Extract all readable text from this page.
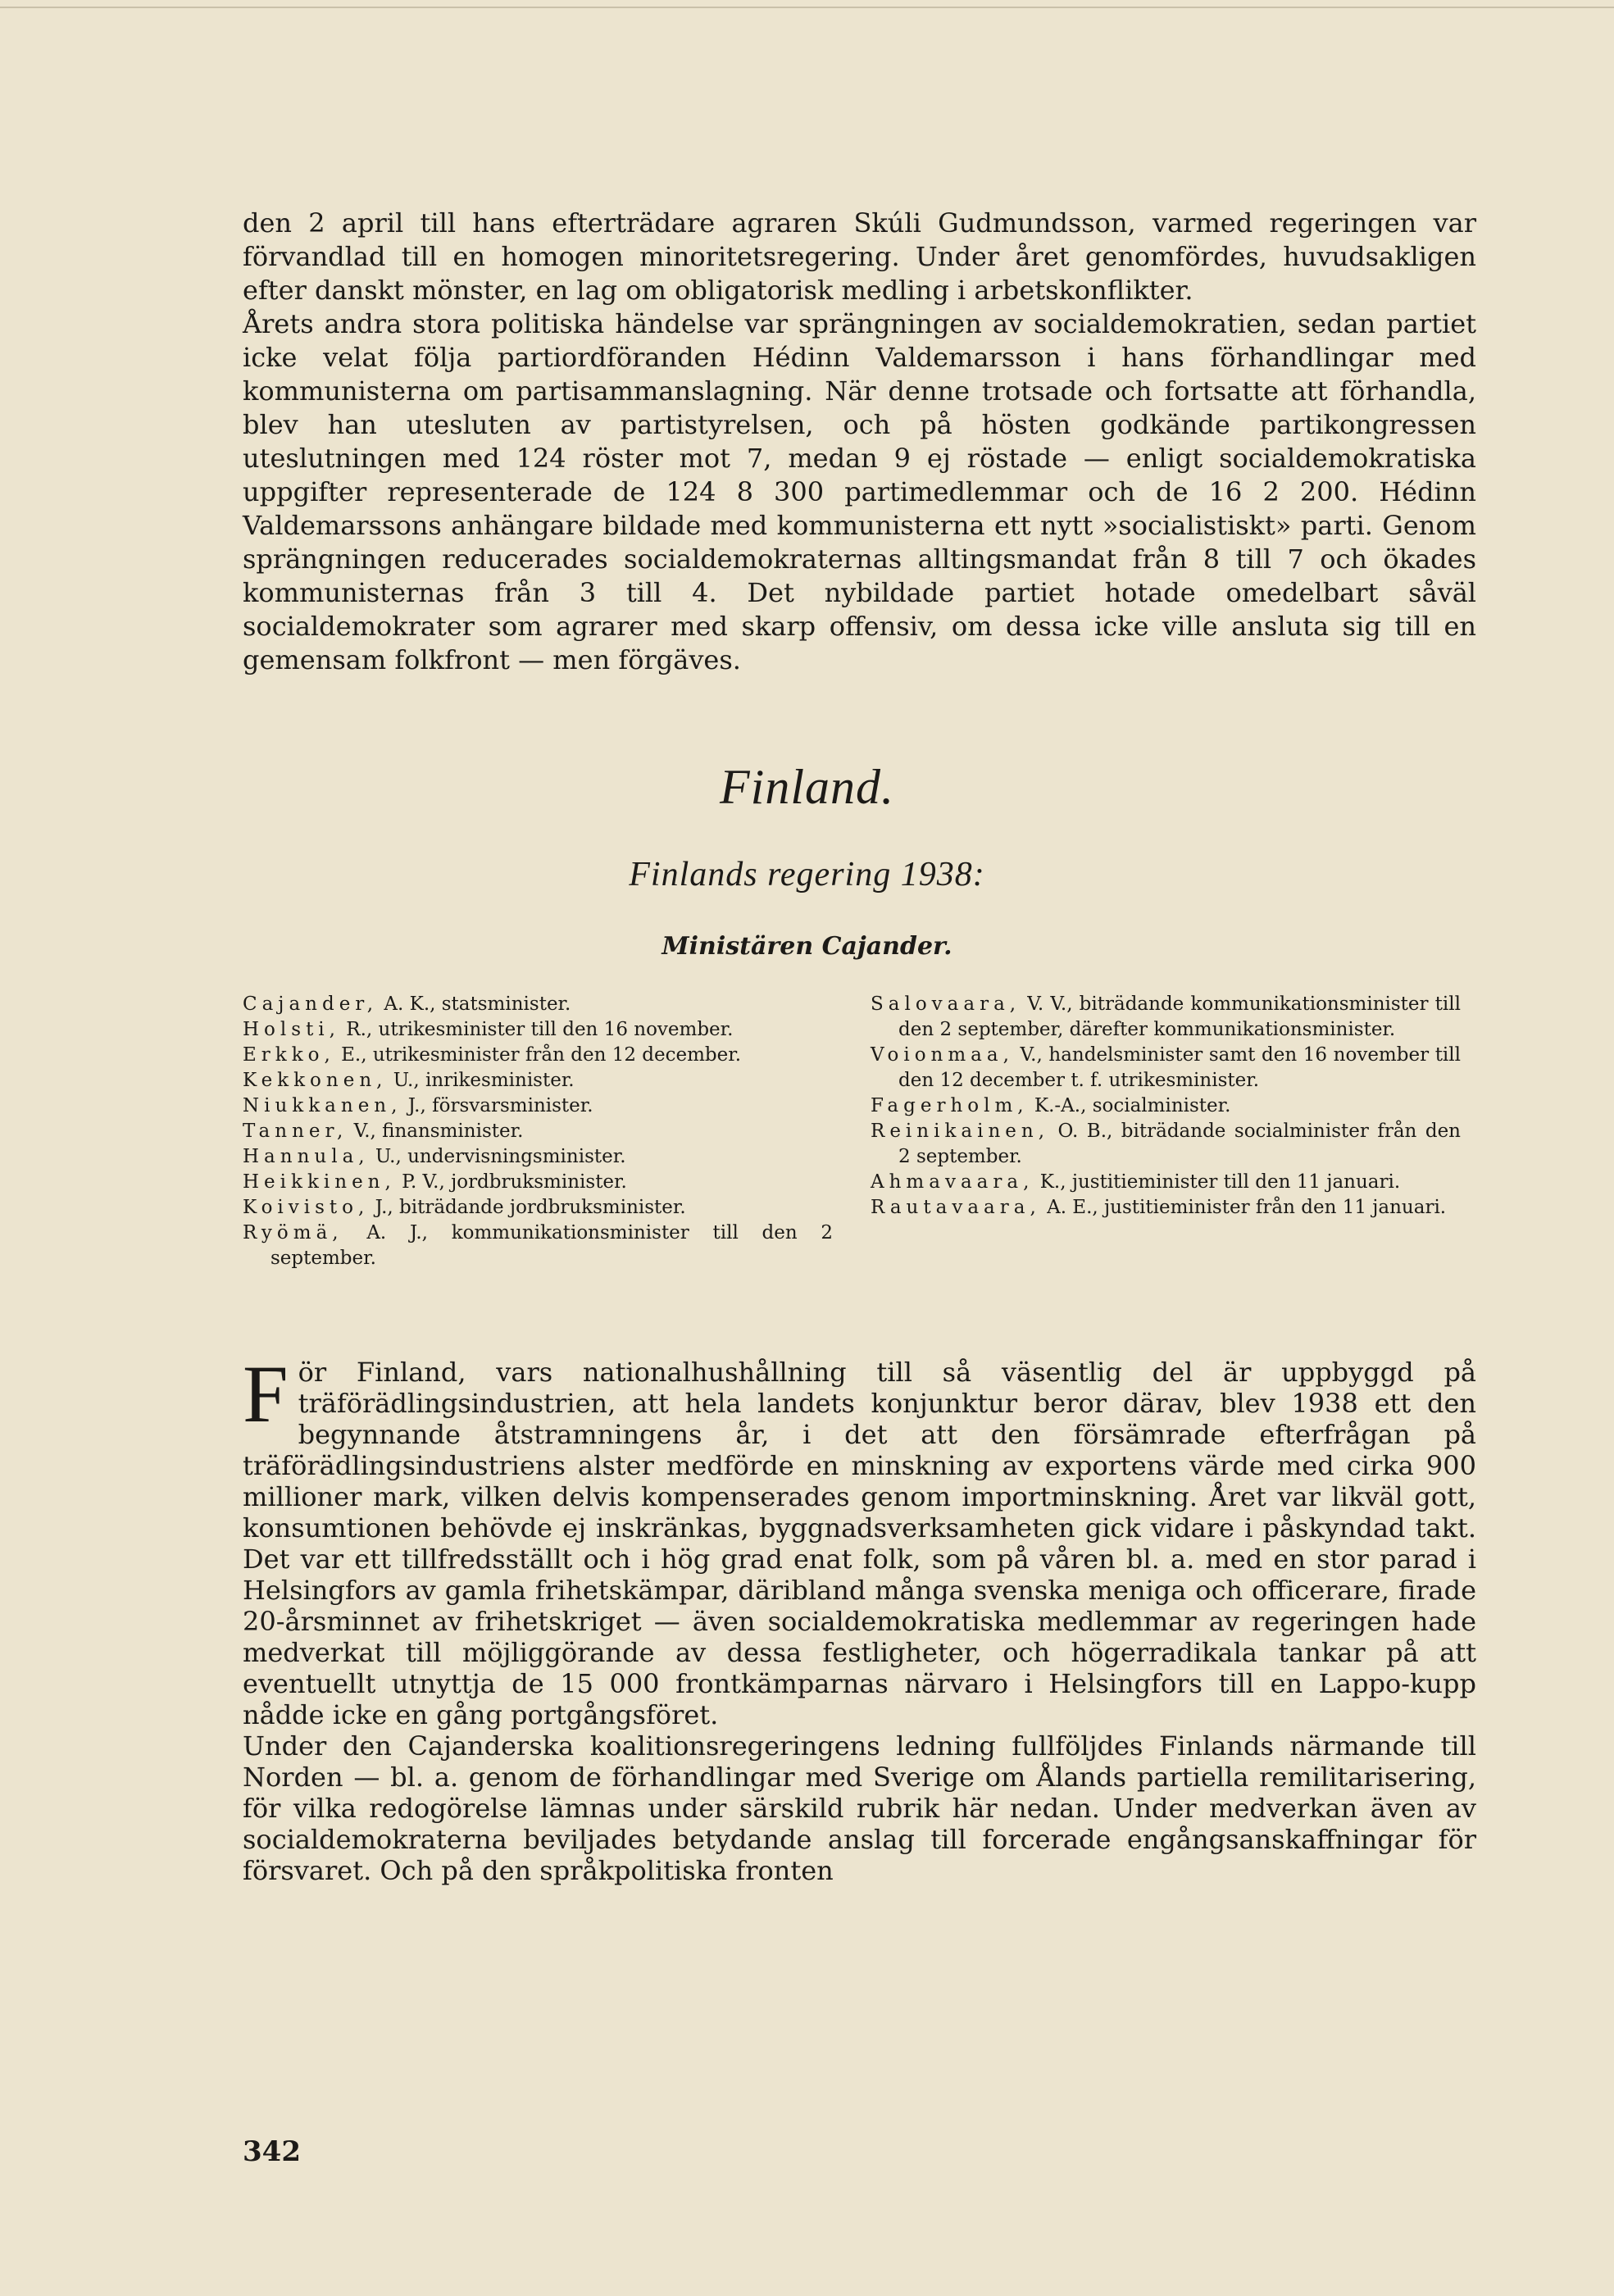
den 2 april till hans efterträdare agraren Skúli Gudmundsson, varmed regeringen var förvandlad till en homogen minoritetsregering. Under året genomfördes, huvudsakligen efter danskt mönster, en lag om obligatorisk medling i arbetskonflikter.

Årets andra stora politiska händelse var sprängningen av socialdemokratien, sedan partiet icke velat följa partiordföranden Hédinn Valdemarsson i hans förhandlingar med kommunisterna om partisammanslagning. När denne trotsade och fortsatte att förhandla, blev han utesluten av partistyrelsen, och på hösten godkände partikongressen uteslutningen med 124 röster mot 7, medan 9 ej röstade — enligt socialdemokratiska uppgifter representerade de 124 8 300 partimedlemmar och de 16 2 200. Hédinn Valdemarssons anhängare bildade med kommunisterna ett nytt »socialistiskt» parti. Genom sprängningen reducerades socialdemokraternas alltingsmandat från 8 till 7 och ökades kommunisternas från 3 till 4. Det nybildade partiet hotade omedelbart såväl socialdemokrater som agrarer med skarp offensiv, om dessa icke ville ansluta sig till en gemensam folkfront — men förgäves.

Finland.
Finlands regering 1938:
Ministären Cajander.
Cajander, A. K., statsminister.
Holsti, R., utrikesminister till den 16 november.
Erkko, E., utrikesminister från den 12 december.
Kekkonen, U., inrikesminister.
Niukkanen, J., försvarsminister.
Tanner, V., finansminister.
Hannula, U., undervisningsminister.
Heikkinen, P. V., jordbruksminister.
Koivisto, J., biträdande jordbruksminister.
Ryömä, A. J., kommunikationsminister till den 2 september.
Salovaara, V. V., biträdande kommunikationsminister till den 2 september, därefter kommunikationsminister.
Voionmaa, V., handelsminister samt den 16 november till den 12 december t. f. utrikesminister.
Fagerholm, K.-A., socialminister.
Reinikainen, O. B., biträdande socialminister från den 2 september.
Ahmavaara, K., justitieminister till den 11 januari.
Rautavaara, A. E., justitieminister från den 11 januari.

För Finland, vars nationalhushållning till så väsentlig del är uppbyggd på träförädlingsindustrien, att hela landets konjunktur beror därav, blev 1938 ett den begynnande åtstramningens år, i det att den försämrade efterfrågan på träförädlingsindustriens alster medförde en minskning av exportens värde med cirka 900 millioner mark, vilken delvis kompenserades genom importminskning. Året var likväl gott, konsumtionen behövde ej inskränkas, byggnadsverksamheten gick vidare i påskyndad takt. Det var ett tillfredsställt och i hög grad enat folk, som på våren bl. a. med en stor parad i Helsingfors av gamla frihetskämpar, däribland många svenska meniga och officerare, firade 20-årsminnet av frihetskriget — även socialdemokratiska medlemmar av regeringen hade medverkat till möjliggörande av dessa festligheter, och högerradikala tankar på att eventuellt utnyttja de 15 000 frontkämparnas närvaro i Helsingfors till en Lappo-kupp nådde icke en gång portgångsföret.

Under den Cajanderska koalitionsregeringens ledning fullföljdes Finlands närmande till Norden — bl. a. genom de förhandlingar med Sverige om Ålands partiella remilitarisering, för vilka redogörelse lämnas under särskild rubrik här nedan. Under medverkan även av socialdemokraterna beviljades betydande anslag till forcerade engångsanskaffningar för försvaret. Och på den språkpolitiska fronten

342
